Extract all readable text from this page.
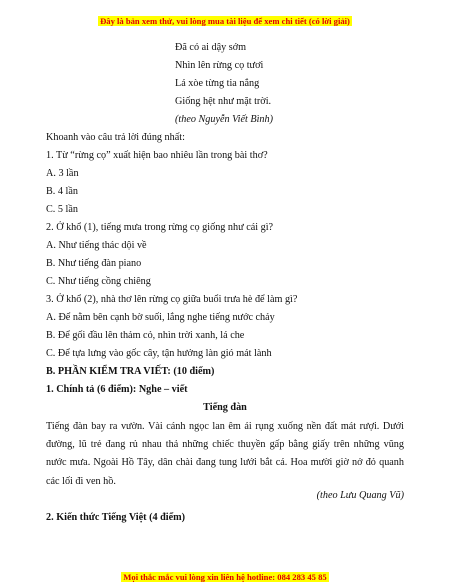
Đây là bản xem thử, vui lòng mua tài liệu để xem chi tiết (có lời giải)
Đã có ai dậy sớm
Nhìn lên rừng cọ tươi
Lá xòe từng tia nắng
Giống hệt như mặt trời.
(theo Nguyễn Viết Bình)
Khoanh vào câu trả lời đúng nhất:
1. Từ “rừng cọ” xuất hiện bao nhiêu lần trong bài thơ?
A. 3 lần
B. 4 lần
C. 5 lần
2. Ở khổ (1), tiếng mưa trong rừng cọ giống như cái gì?
A. Như tiếng thác dội về
B. Như tiếng đàn piano
C. Như tiếng cồng chiêng
3. Ở khổ (2), nhà thơ lên rừng cọ giữa buổi trưa hè để làm gì?
A. Để nằm bên cạnh bờ suối, lắng nghe tiếng nước chảy
B. Để gối đầu lên thảm cỏ, nhìn trời xanh, lá che
C. Để tựa lưng vào gốc cây, tận hưởng làn gió mát lành
B. PHẦN KIỂM TRA VIẾT: (10 điểm)
1. Chính tả (6 điểm): Nghe – viết
Tiếng đàn
Tiếng đàn bay ra vườn. Vài cánh ngọc lan êm ái rụng xuống nền đất mát rượi. Dưới đường, lũ trẻ đang rủ nhau thả những chiếc thuyền gấp bằng giấy trên những vũng nước mưa. Ngoài Hồ Tây, dân chài đang tung lưới bắt cá. Hoa mười giờ nở đỏ quanh các lối đi ven hồ.
(theo Lưu Quang Vũ)
2. Kiến thức Tiếng Việt (4 điểm)
Mọi thắc mắc vui lòng xin liên hệ hotline: 084 283 45 85
